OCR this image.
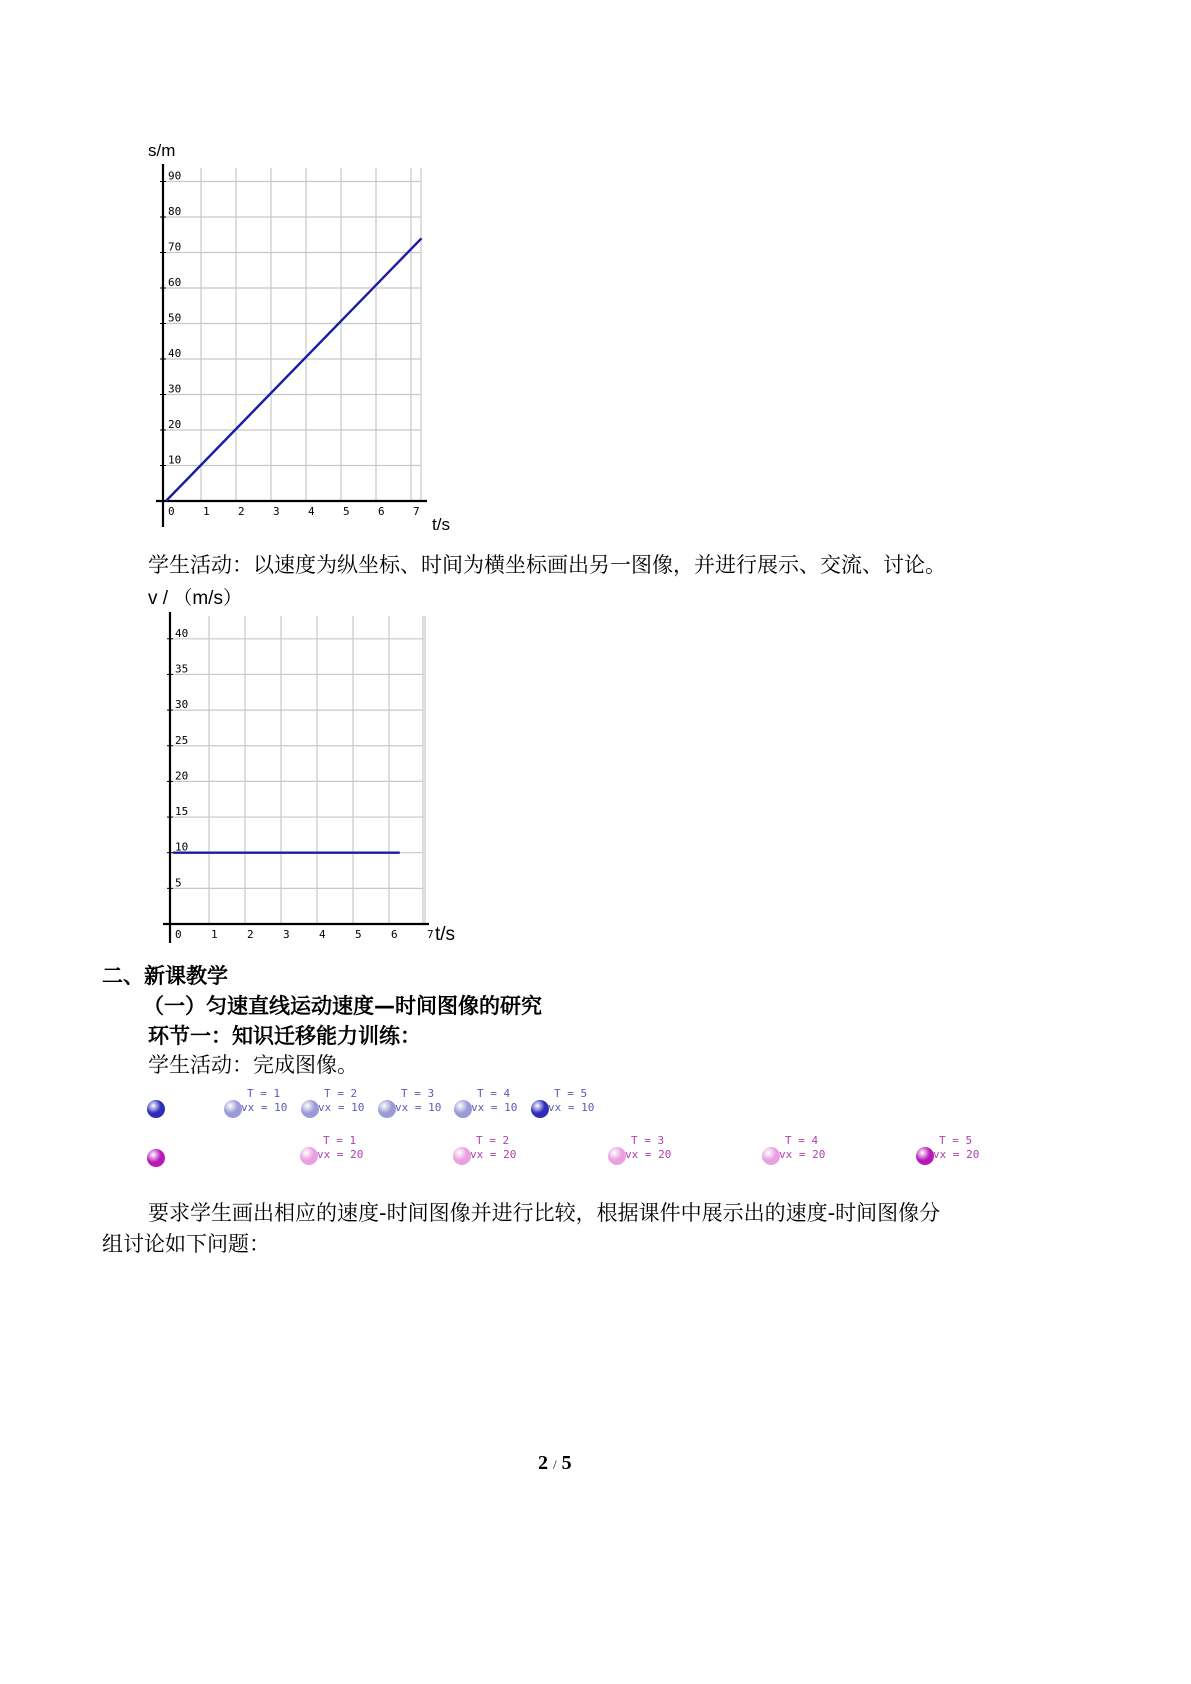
s/m
t/s
0	1	2	3	4	5	6	7
10
20
30
40
50
60
70
80
90
学生活动：以速度为纵坐标、时间为横坐标画出另一图像，并进行展示、交流、讨论。
v / （m/s）
t/s
0	1	2	3	4	5	6	7
5
10
15
20
25
30
35
40
二、新课教学
（一）匀速直线运动速度—时间图像的研究
环节一：知识迁移能力训练：
学生活动：完成图像。
T = 1
vx = 10
T = 2
vx = 10
T = 3
vx = 10
T = 4
vx = 10
T = 5
vx = 10
T = 1
vx = 20
T = 2
vx = 20
T = 3
vx = 20
T = 4
vx = 20
T = 5
vx = 20
要求学生画出相应的速度-时间图像并进行比较，根据课件中展示出的速度-时间图像分
组讨论如下问题：
2 / 5
